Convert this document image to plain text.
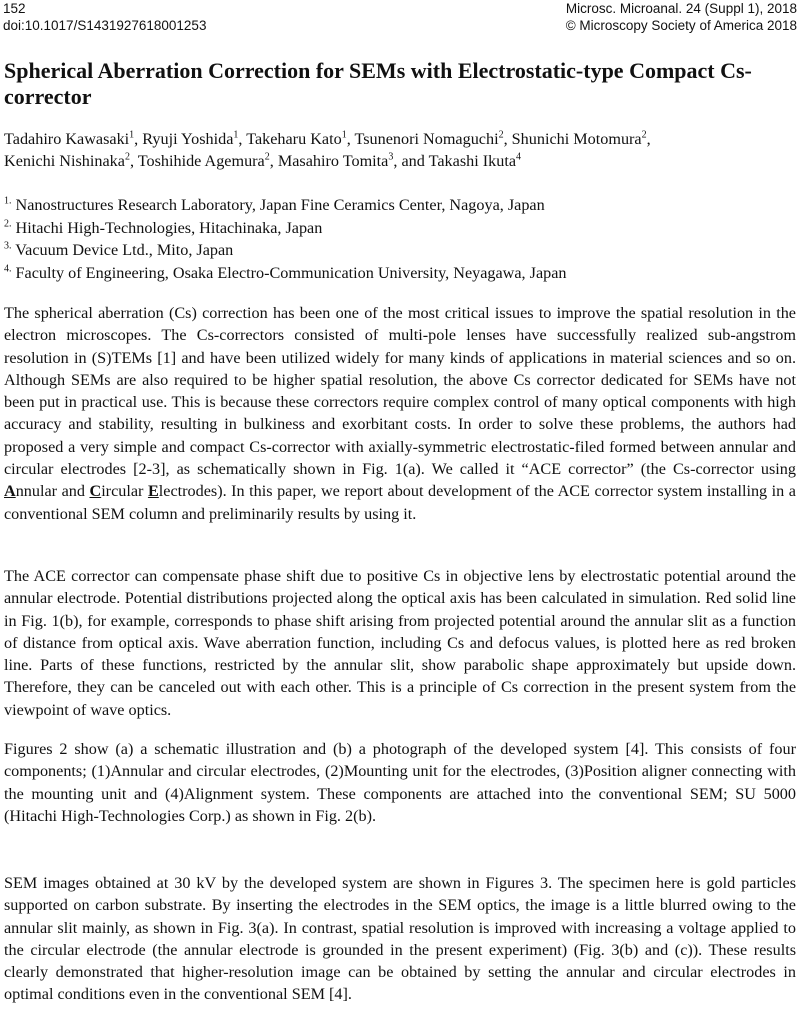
152	Microsc. Microanal. 24 (Suppl 1), 2018
doi:10.1017/S1431927618001253	© Microscopy Society of America 2018
Spherical Aberration Correction for SEMs with Electrostatic-type Compact Cs-corrector
Tadahiro Kawasaki$^1$, Ryuji Yoshida$^1$, Takeharu Kato$^1$, Tsunenori Nomaguchi$^2$, Shunichi Motomura$^2$,
Kenichi Nishinaka$^2$, Toshihide Agemura$^2$, Masahiro Tomita$^3$, and Takashi Ikuta$^4$
$^{1.}$ Nanostructures Research Laboratory, Japan Fine Ceramics Center, Nagoya, Japan
$^{2.}$ Hitachi High-Technologies, Hitachinaka, Japan
$^{3.}$ Vacuum Device Ltd., Mito, Japan
$^{4.}$ Faculty of Engineering, Osaka Electro-Communication University, Neyagawa, Japan
The spherical aberration (Cs) correction has been one of the most critical issues to improve the spatial resolution in the electron microscopes. The Cs-correctors consisted of multi-pole lenses have successfully realized sub-angstrom resolution in (S)TEMs [1] and have been utilized widely for many kinds of applications in material sciences and so on. Although SEMs are also required to be higher spatial resolution, the above Cs corrector dedicated for SEMs have not been put in practical use. This is because these correctors require complex control of many optical components with high accuracy and stability, resulting in bulkiness and exorbitant costs. In order to solve these problems, the authors had proposed a very simple and compact Cs-corrector with axially-symmetric electrostatic-filed formed between annular and circular electrodes [2-3], as schematically shown in Fig. 1(a). We called it “ACE corrector” (the Cs-corrector using Annular and Circular Electrodes). In this paper, we report about development of the ACE corrector system installing in a conventional SEM column and preliminarily results by using it.
The ACE corrector can compensate phase shift due to positive Cs in objective lens by electrostatic potential around the annular electrode. Potential distributions projected along the optical axis has been calculated in simulation. Red solid line in Fig. 1(b), for example, corresponds to phase shift arising from projected potential around the annular slit as a function of distance from optical axis. Wave aberration function, including Cs and defocus values, is plotted here as red broken line. Parts of these functions, restricted by the annular slit, show parabolic shape approximately but upside down. Therefore, they can be canceled out with each other. This is a principle of Cs correction in the present system from the viewpoint of wave optics.
Figures 2 show (a) a schematic illustration and (b) a photograph of the developed system [4]. This consists of four components; (1)Annular and circular electrodes, (2)Mounting unit for the electrodes, (3)Position aligner connecting with the mounting unit and (4)Alignment system. These components are attached into the conventional SEM; SU 5000 (Hitachi High-Technologies Corp.) as shown in Fig. 2(b).
SEM images obtained at 30 kV by the developed system are shown in Figures 3. The specimen here is gold particles supported on carbon substrate. By inserting the electrodes in the SEM optics, the image is a little blurred owing to the annular slit mainly, as shown in Fig. 3(a). In contrast, spatial resolution is improved with increasing a voltage applied to the circular electrode (the annular electrode is grounded in the present experiment) (Fig. 3(b) and (c)). These results clearly demonstrated that higher-resolution image can be obtained by setting the annular and circular electrodes in optimal conditions even in the conventional SEM [4].
